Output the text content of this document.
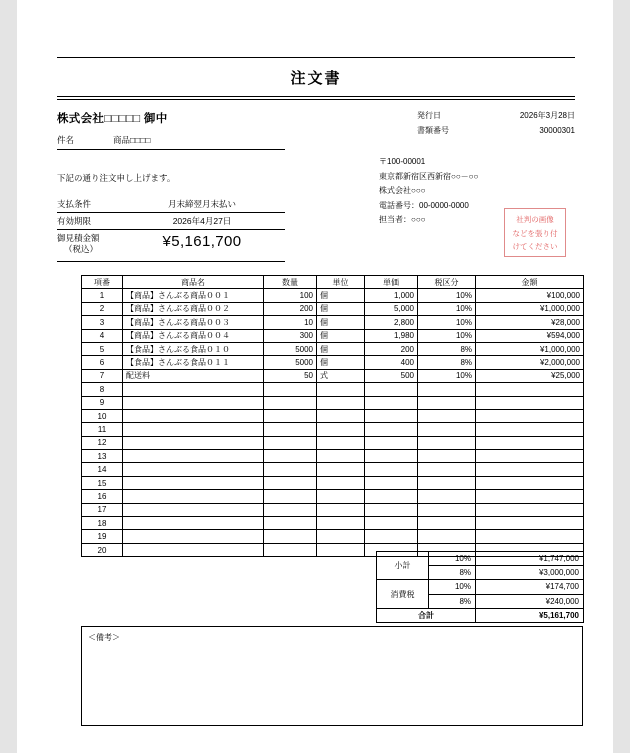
注文書
株式会社□□□□□ 御中
件名	商品□□□□
下記の通り注文申し上げます。
支払条件	月末締翌月末払い
有効期限	2026年4月27日
御見積金額
（税込）	¥5,161,700
発行日	2026年3月28日
書類番号	30000301
〒100-00001
東京都新宿区西新宿○○－○○
株式会社○○○
電話番号：00-0000-0000
担当者：○○○	社判の画像
などを張り付
けてください
項番	商品名	数量	単位	単価	税区分	金額
1	【商品】さんぶる商品００１	100	個	1,000	10%	¥100,000
2	【商品】さんぶる商品００２	200	個	5,000	10%	¥1,000,000
3	【商品】さんぶる商品００３	10	個	2,800	10%	¥28,000
4	【商品】さんぶる商品００４	300	個	1,980	10%	¥594,000
5	【食品】さんぶる食品０１０	5000	個	200	8%	¥1,000,000
6	【食品】さんぶる食品０１１	5000	個	400	8%	¥2,000,000
7	配送料	50	式	500	10%	¥25,000
8						
9						
10						
11						
12						
13						
14						
15						
16						
17						
18						
19						
20						
小計	10%	¥1,747,000
	8%	¥3,000,000
消費税	10%	¥174,700
	8%	¥240,000
合計		¥5,161,700
＜備考＞
